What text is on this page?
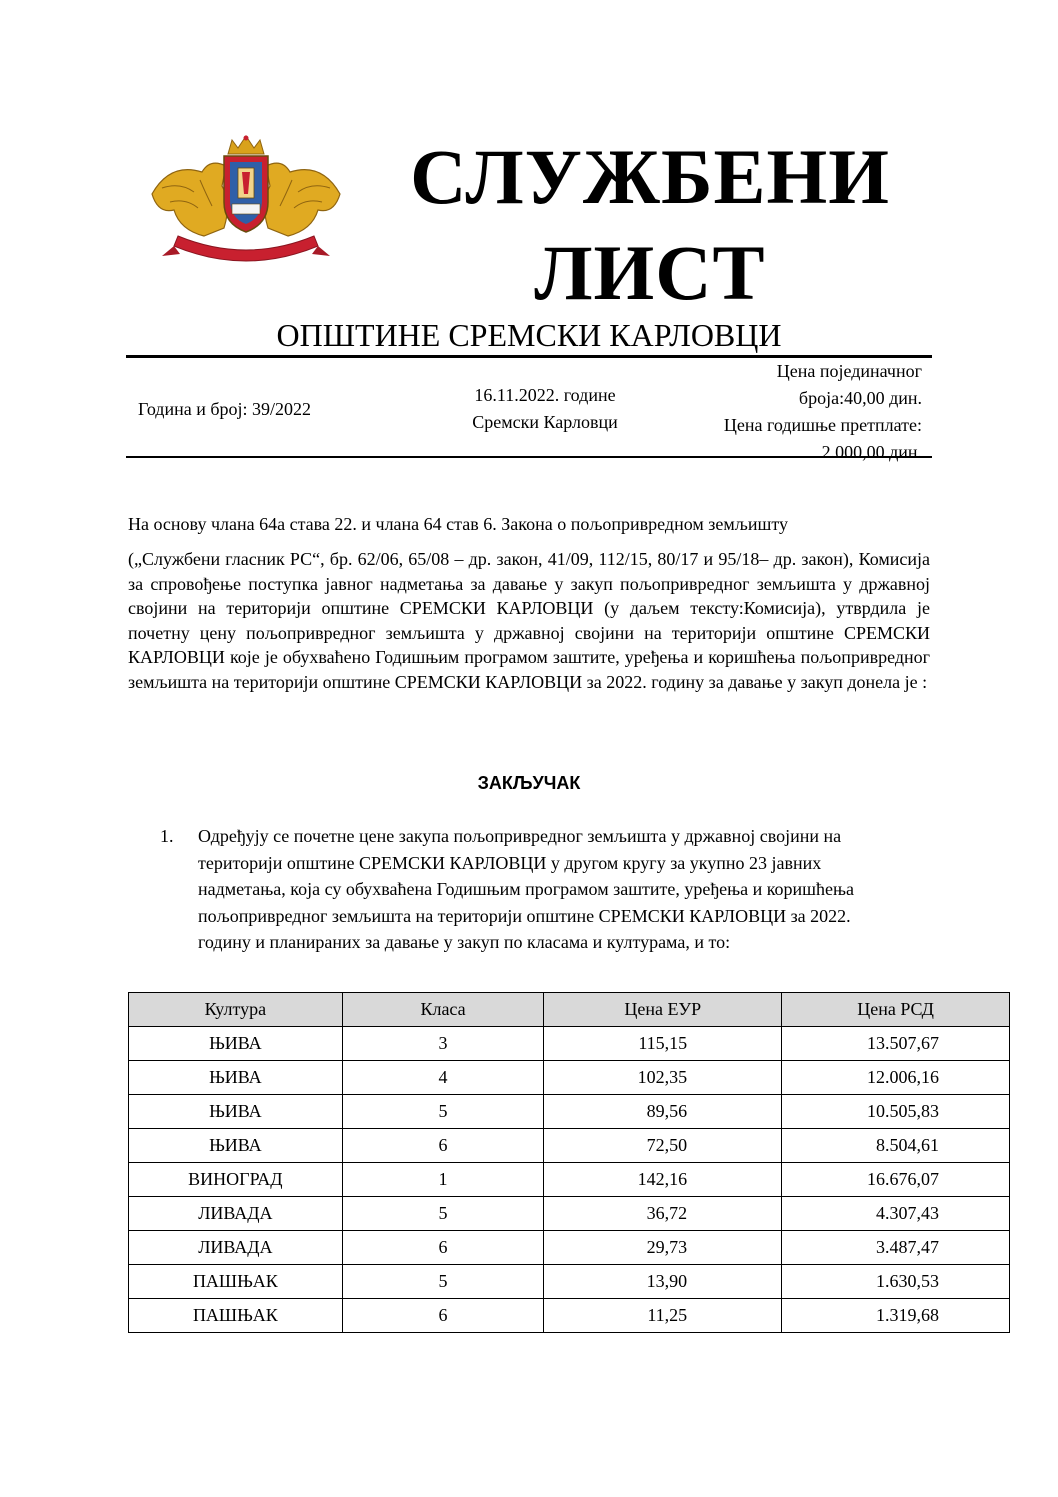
СЛУЖБЕНИ
ЛИСТ
ОПШТИНЕ СРЕМСКИ КАРЛОВЦИ
Година и број: 39/2022
16.11.2022. године
Сремски Карловци
Цена појединачног
броја:40,00 дин.
Цена годишње претплате:
2.000,00 дин.
На основу члана 64а става 22. и члана 64 став 6. Закона о пољопривредном земљишту
(„Службени гласник РС“, бр. 62/06, 65/08 – др. закон, 41/09, 112/15, 80/17 и 95/18– др. закон), Комисија за спровођење поступка јавног надметања за давање у закуп пољопривредног земљишта у државној својини на територији општине СРЕМСКИ КАРЛОВЦИ (у даљем тексту:Комисија), утврдила је почетну цену пољопривредног земљишта у државној својини на територији општине СРЕМСКИ КАРЛОВЦИ које је обухваћено Годишњим програмом заштите, уређења и коришћења пољопривредног земљишта на територији општине СРЕМСКИ КАРЛОВЦИ за 2022. годину за давање у закуп донела је :
ЗАКЉУЧАК
1. Одређују се почетне цене закупа пољопривредног земљишта у државној својини на територији општине СРЕМСКИ КАРЛОВЦИ у другом кругу за укупно 23 јавних надметања, која су обухваћена Годишњим програмом заштите, уређења и коришћења пољопривредног земљишта на територији општине СРЕМСКИ КАРЛОВЦИ за 2022. годину и планираних за давање у закуп по класама и културама, и то:
Култура	Класа	Цена ЕУР	Цена РСД
ЊИВА	3	115,15	13.507,67
ЊИВА	4	102,35	12.006,16
ЊИВА	5	89,56	10.505,83
ЊИВА	6	72,50	8.504,61
ВИНОГРАД	1	142,16	16.676,07
ЛИВАДА	5	36,72	4.307,43
ЛИВАДА	6	29,73	3.487,47
ПАШЊАК	5	13,90	1.630,53
ПАШЊАК	6	11,25	1.319,68
